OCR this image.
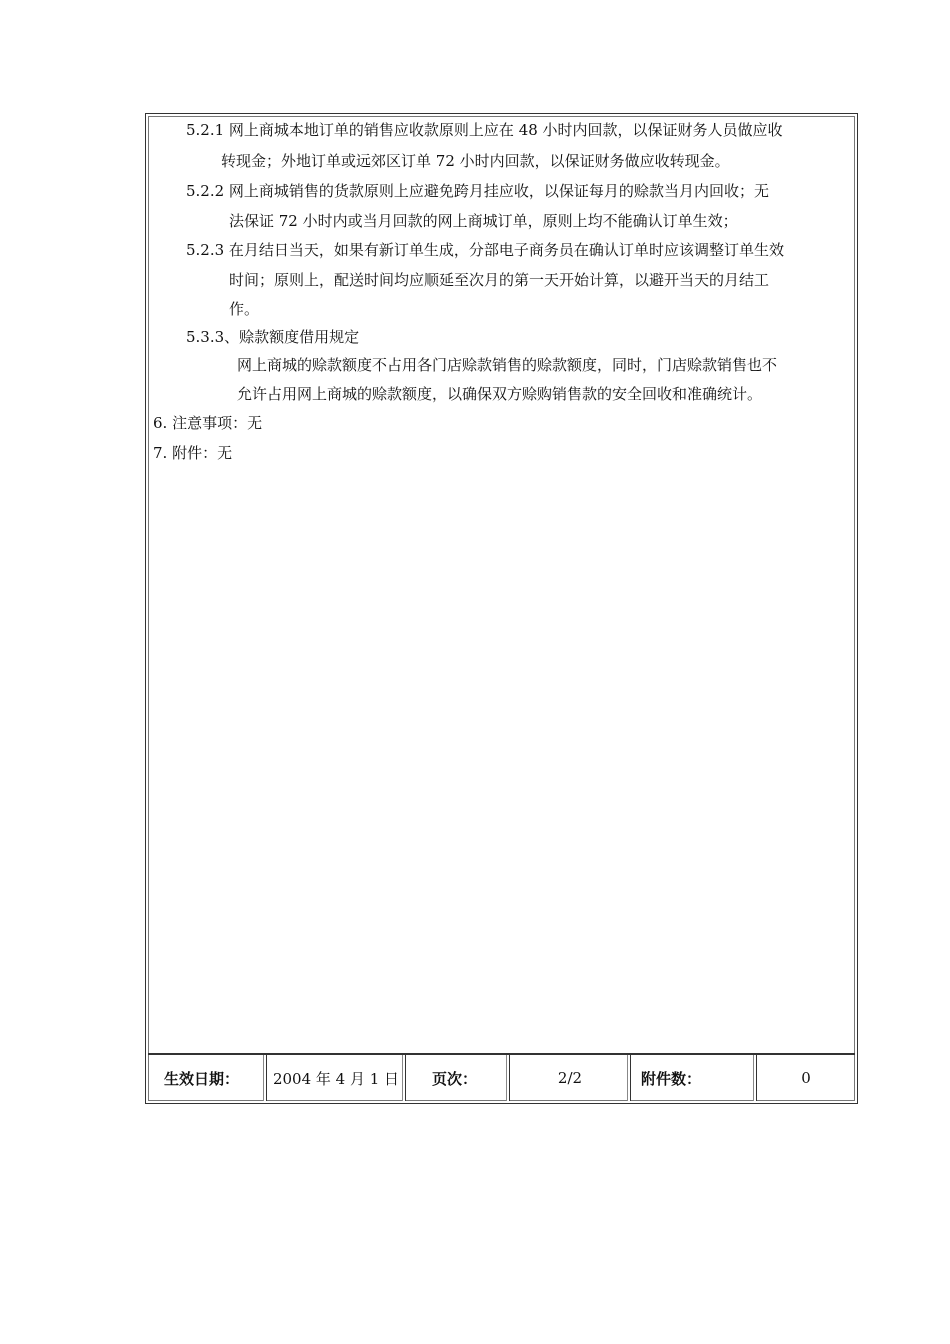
5.2.1 网上商城本地订单的销售应收款原则上应在 48 小时内回款，以保证财务人员做应收
转现金；外地订单或远郊区订单 72 小时内回款，以保证财务做应收转现金。
5.2.2 网上商城销售的货款原则上应避免跨月挂应收，以保证每月的赊款当月内回收；无
法保证 72 小时内或当月回款的网上商城订单，原则上均不能确认订单生效；
5.2.3 在月结日当天，如果有新订单生成，分部电子商务员在确认订单时应该调整订单生效
时间；原则上，配送时间均应顺延至次月的第一天开始计算，以避开当天的月结工
作。
5.3.3、赊款额度借用规定
网上商城的赊款额度不占用各门店赊款销售的赊款额度，同时，门店赊款销售也不
允许占用网上商城的赊款额度，以确保双方赊购销售款的安全回收和准确统计。
6. 注意事项：无
7. 附件：无
生效日期：	2004 年 4 月 1 日	页次：	2/2	附件数：	0
